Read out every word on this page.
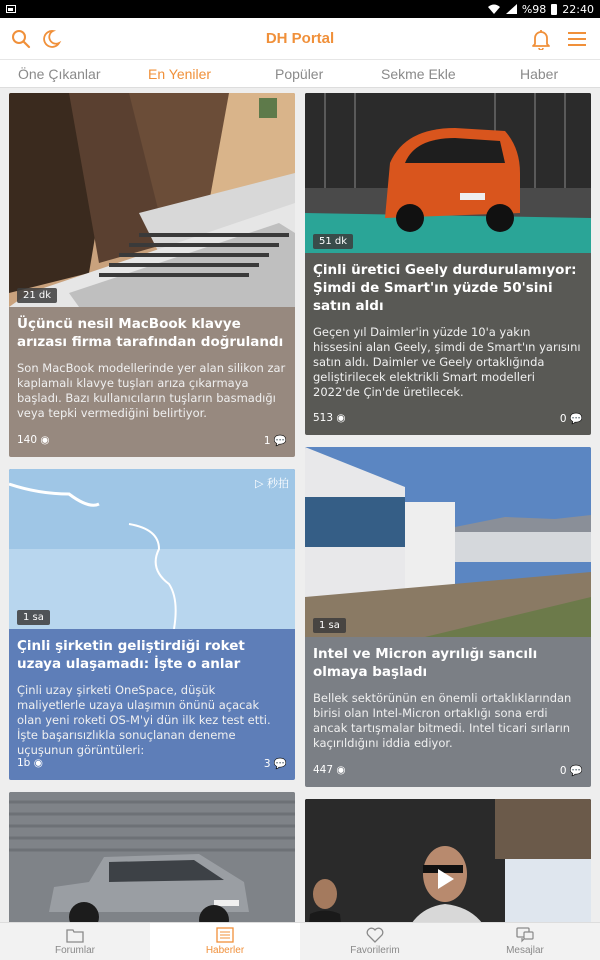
%98 22:40
DH Portal
Öne Çıkanlar	En Yeniler	Popüler	Sekme Ekle	Haber
21 dk
Üçüncü nesil MacBook klavye arızası firma tarafından doğrulandı

Son MacBook modellerinde yer alan silikon zar kaplamalı klavye tuşları arıza çıkarmaya başladı. Bazı kullanıcıların tuşların basmadığı veya tepki vermediğini belirtiyor.

140 ◉	1 💬
51 dk
Çinli üretici Geely durdurulamıyor: Şimdi de Smart'ın yüzde 50'sini satın aldı

Geçen yıl Daimler'in yüzde 10'a yakın hissesini alan Geely, şimdi de Smart'ın yarısını satın aldı. Daimler ve Geely ortaklığında geliştirilecek elektrikli Smart modelleri 2022'de Çin'de üretilecek.

513 ◉	0 💬
▷ 秒拍
1 sa
Çinli şirketin geliştirdiği roket uzaya ulaşamadı: İşte o anlar

Çinli uzay şirketi OneSpace, düşük maliyetlerle uzaya ulaşımın önünü açacak olan yeni roketi OS-M'yi dün ilk kez test etti. İşte başarısızlıkla sonuçlanan deneme uçuşunun görüntüleri:

1b ◉	3 💬
1 sa
Intel ve Micron ayrılığı sancılı olmaya başladı

Bellek sektörünün en önemli ortaklıklarından birisi olan Intel-Micron ortaklığı sona erdi ancak tartışmalar bitmedi. Intel ticari sırların kaçırıldığını iddia ediyor.

447 ◉	0 💬
Forumlar	Haberler	Favorilerim	Mesajlar
